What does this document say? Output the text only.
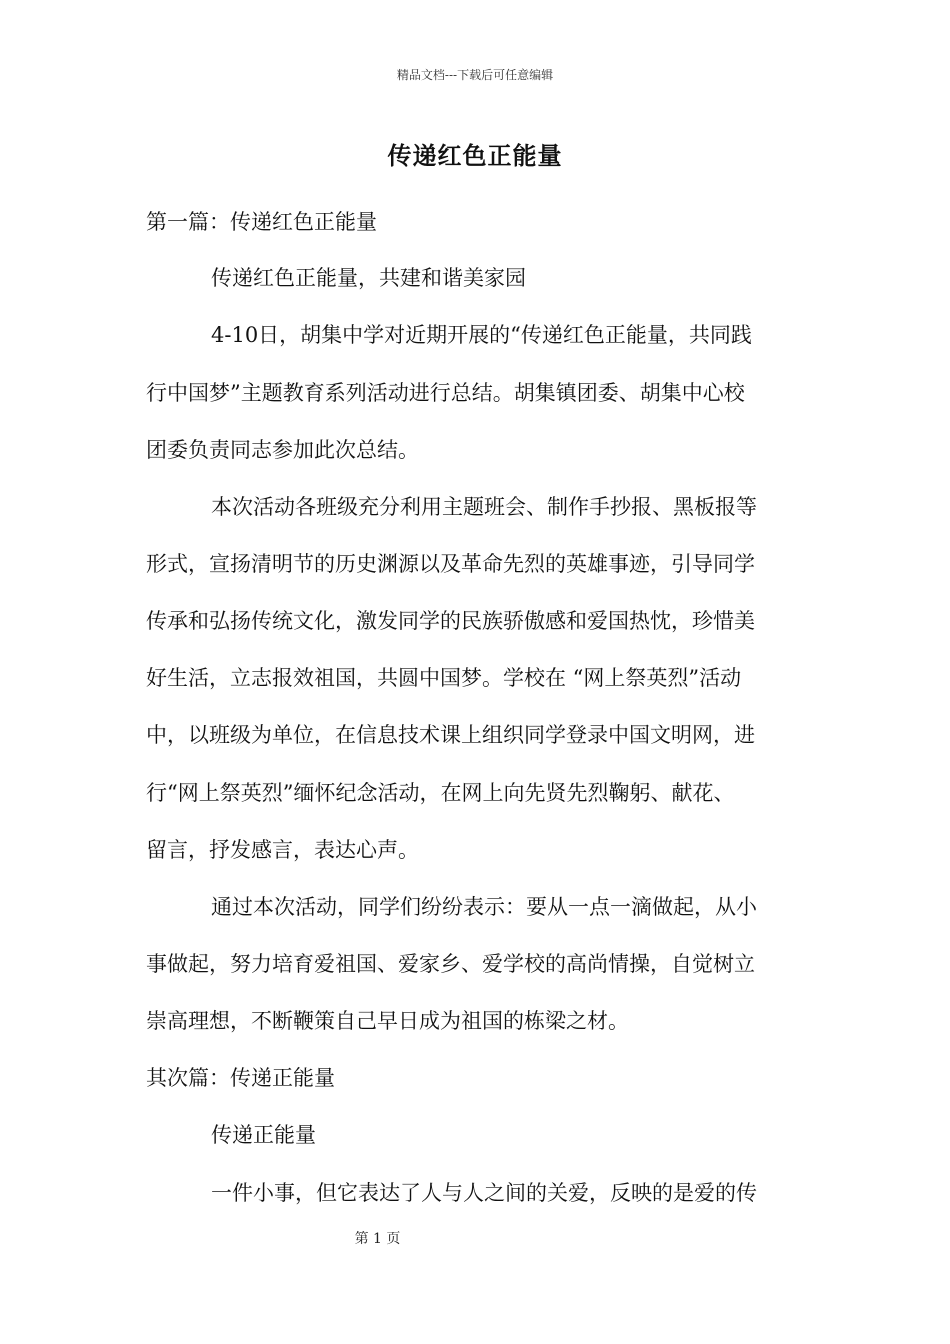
精品文档---下载后可任意编辑
传递红色正能量
第一篇：传递红色正能量
传递红色正能量，共建和谐美家园
4-10日，胡集中学对近期开展的“传递红色正能量，共同践
行中国梦”主题教育系列活动进行总结。胡集镇团委、胡集中心校
团委负责同志参加此次总结。
本次活动各班级充分利用主题班会、制作手抄报、黑板报等
形式，宣扬清明节的历史渊源以及革命先烈的英雄事迹，引导同学
传承和弘扬传统文化，激发同学的民族骄傲感和爱国热忱，珍惜美
好生活，立志报效祖国，共圆中国梦。学校在 “网上祭英烈”活动
中，以班级为单位，在信息技术课上组织同学登录中国文明网，进
行“网上祭英烈”缅怀纪念活动，在网上向先贤先烈鞠躬、献花、
留言，抒发感言，表达心声。
通过本次活动，同学们纷纷表示：要从一点一滴做起，从小
事做起，努力培育爱祖国、爱家乡、爱学校的高尚情操，自觉树立
崇高理想，不断鞭策自己早日成为祖国的栋梁之材。
其次篇：传递正能量
传递正能量
一件小事，但它表达了人与人之间的关爱，反映的是爱的传
第 1 页
